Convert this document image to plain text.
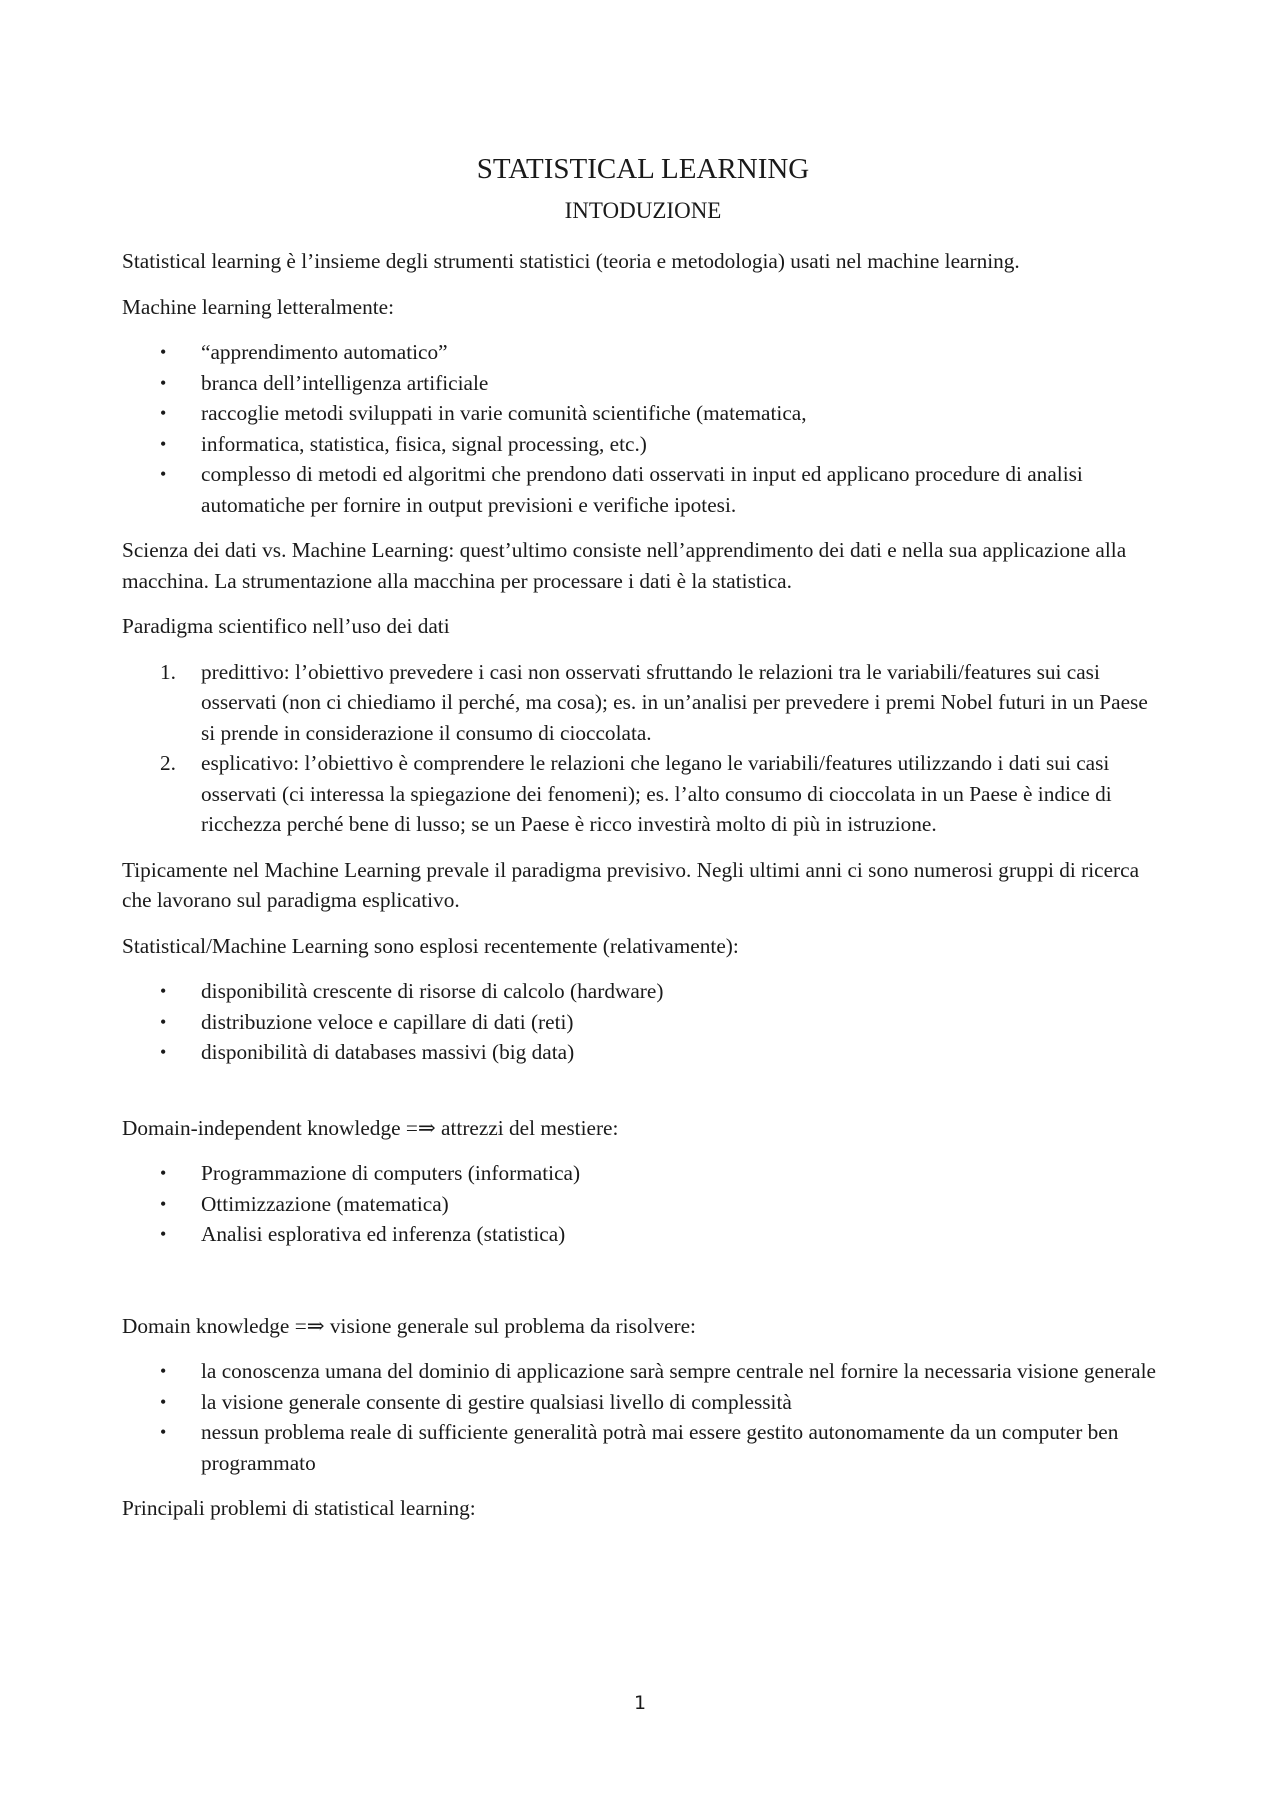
STATISTICAL LEARNING
INTODUZIONE

Statistical learning è l’insieme degli strumenti statistici (teoria e metodologia) usati nel machine learning.

Machine learning letteralmente:

• “apprendimento automatico”
• branca dell’intelligenza artificiale
• raccoglie metodi sviluppati in varie comunità scientifiche (matematica,
• informatica, statistica, fisica, signal processing, etc.)
• complesso di metodi ed algoritmi che prendono dati osservati in input ed applicano procedure di analisi automatiche per fornire in output previsioni e verifiche ipotesi.

Scienza dei dati vs. Machine Learning: quest’ultimo consiste nell’apprendimento dei dati e nella sua applicazione alla macchina. La strumentazione alla macchina per processare i dati è la statistica.

Paradigma scientifico nell’uso dei dati

1. predittivo: l’obiettivo prevedere i casi non osservati sfruttando le relazioni tra le variabili/features sui casi osservati (non ci chiediamo il perché, ma cosa); es. in un’analisi per prevedere i premi Nobel futuri in un Paese si prende in considerazione il consumo di cioccolata.
2. esplicativo: l’obiettivo è comprendere le relazioni che legano le variabili/features utilizzando i dati sui casi osservati (ci interessa la spiegazione dei fenomeni); es. l’alto consumo di cioccolata in un Paese è indice di ricchezza perché bene di lusso; se un Paese è ricco investirà molto di più in istruzione.

Tipicamente nel Machine Learning prevale il paradigma previsivo. Negli ultimi anni ci sono numerosi gruppi di ricerca che lavorano sul paradigma esplicativo.

Statistical/Machine Learning sono esplosi recentemente (relativamente):

• disponibilità crescente di risorse di calcolo (hardware)
• distribuzione veloce e capillare di dati (reti)
• disponibilità di databases massivi (big data)

Domain-independent knowledge =⇒ attrezzi del mestiere:

• Programmazione di computers (informatica)
• Ottimizzazione (matematica)
• Analisi esplorativa ed inferenza (statistica)

Domain knowledge =⇒ visione generale sul problema da risolvere:

• la conoscenza umana del dominio di applicazione sarà sempre centrale nel fornire la necessaria visione generale
• la visione generale consente di gestire qualsiasi livello di complessità
• nessun problema reale di sufficiente generalità potrà mai essere gestito autonomamente da un computer ben programmato

Principali problemi di statistical learning:

1
